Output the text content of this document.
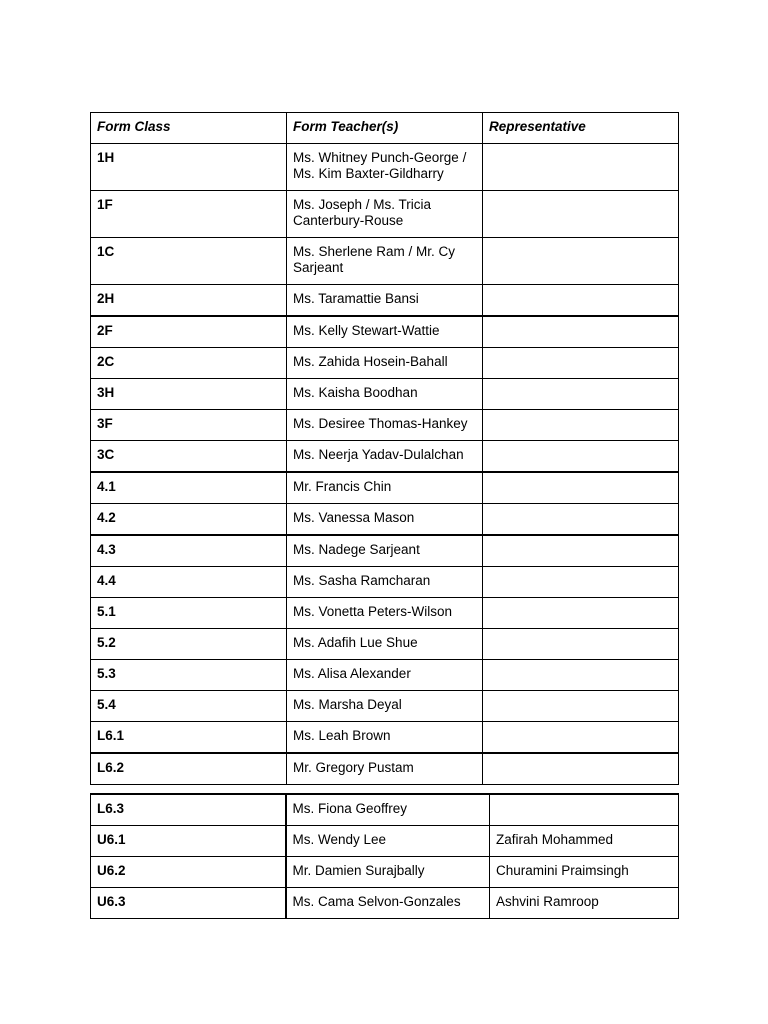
Form Class	Form Teacher(s)	Representative
1H	Ms. Whitney Punch-George / Ms. Kim Baxter-Gildharry	
1F	Ms. Joseph / Ms. Tricia Canterbury-Rouse	
1C	Ms. Sherlene Ram / Mr. Cy Sarjeant	
2H	Ms. Taramattie Bansi	
2F	Ms. Kelly Stewart-Wattie	
2C	Ms. Zahida Hosein-Bahall	
3H	Ms. Kaisha Boodhan	
3F	Ms. Desiree Thomas-Hankey	
3C	Ms. Neerja Yadav-Dulalchan	
4.1	Mr. Francis Chin	
4.2	Ms. Vanessa Mason	
4.3	Ms. Nadege Sarjeant	
4.4	Ms. Sasha Ramcharan	
5.1	Ms. Vonetta Peters-Wilson	
5.2	Ms. Adafih Lue Shue	
5.3	Ms. Alisa Alexander	
5.4	Ms. Marsha Deyal	
L6.1	Ms. Leah Brown	
L6.2	Mr. Gregory Pustam	
L6.3	Ms. Fiona Geoffrey	
U6.1	Ms. Wendy Lee	Zafirah Mohammed
U6.2	Mr. Damien Surajbally	Churamini Praimsingh
U6.3	Ms. Cama Selvon-Gonzales	Ashvini Ramroop
